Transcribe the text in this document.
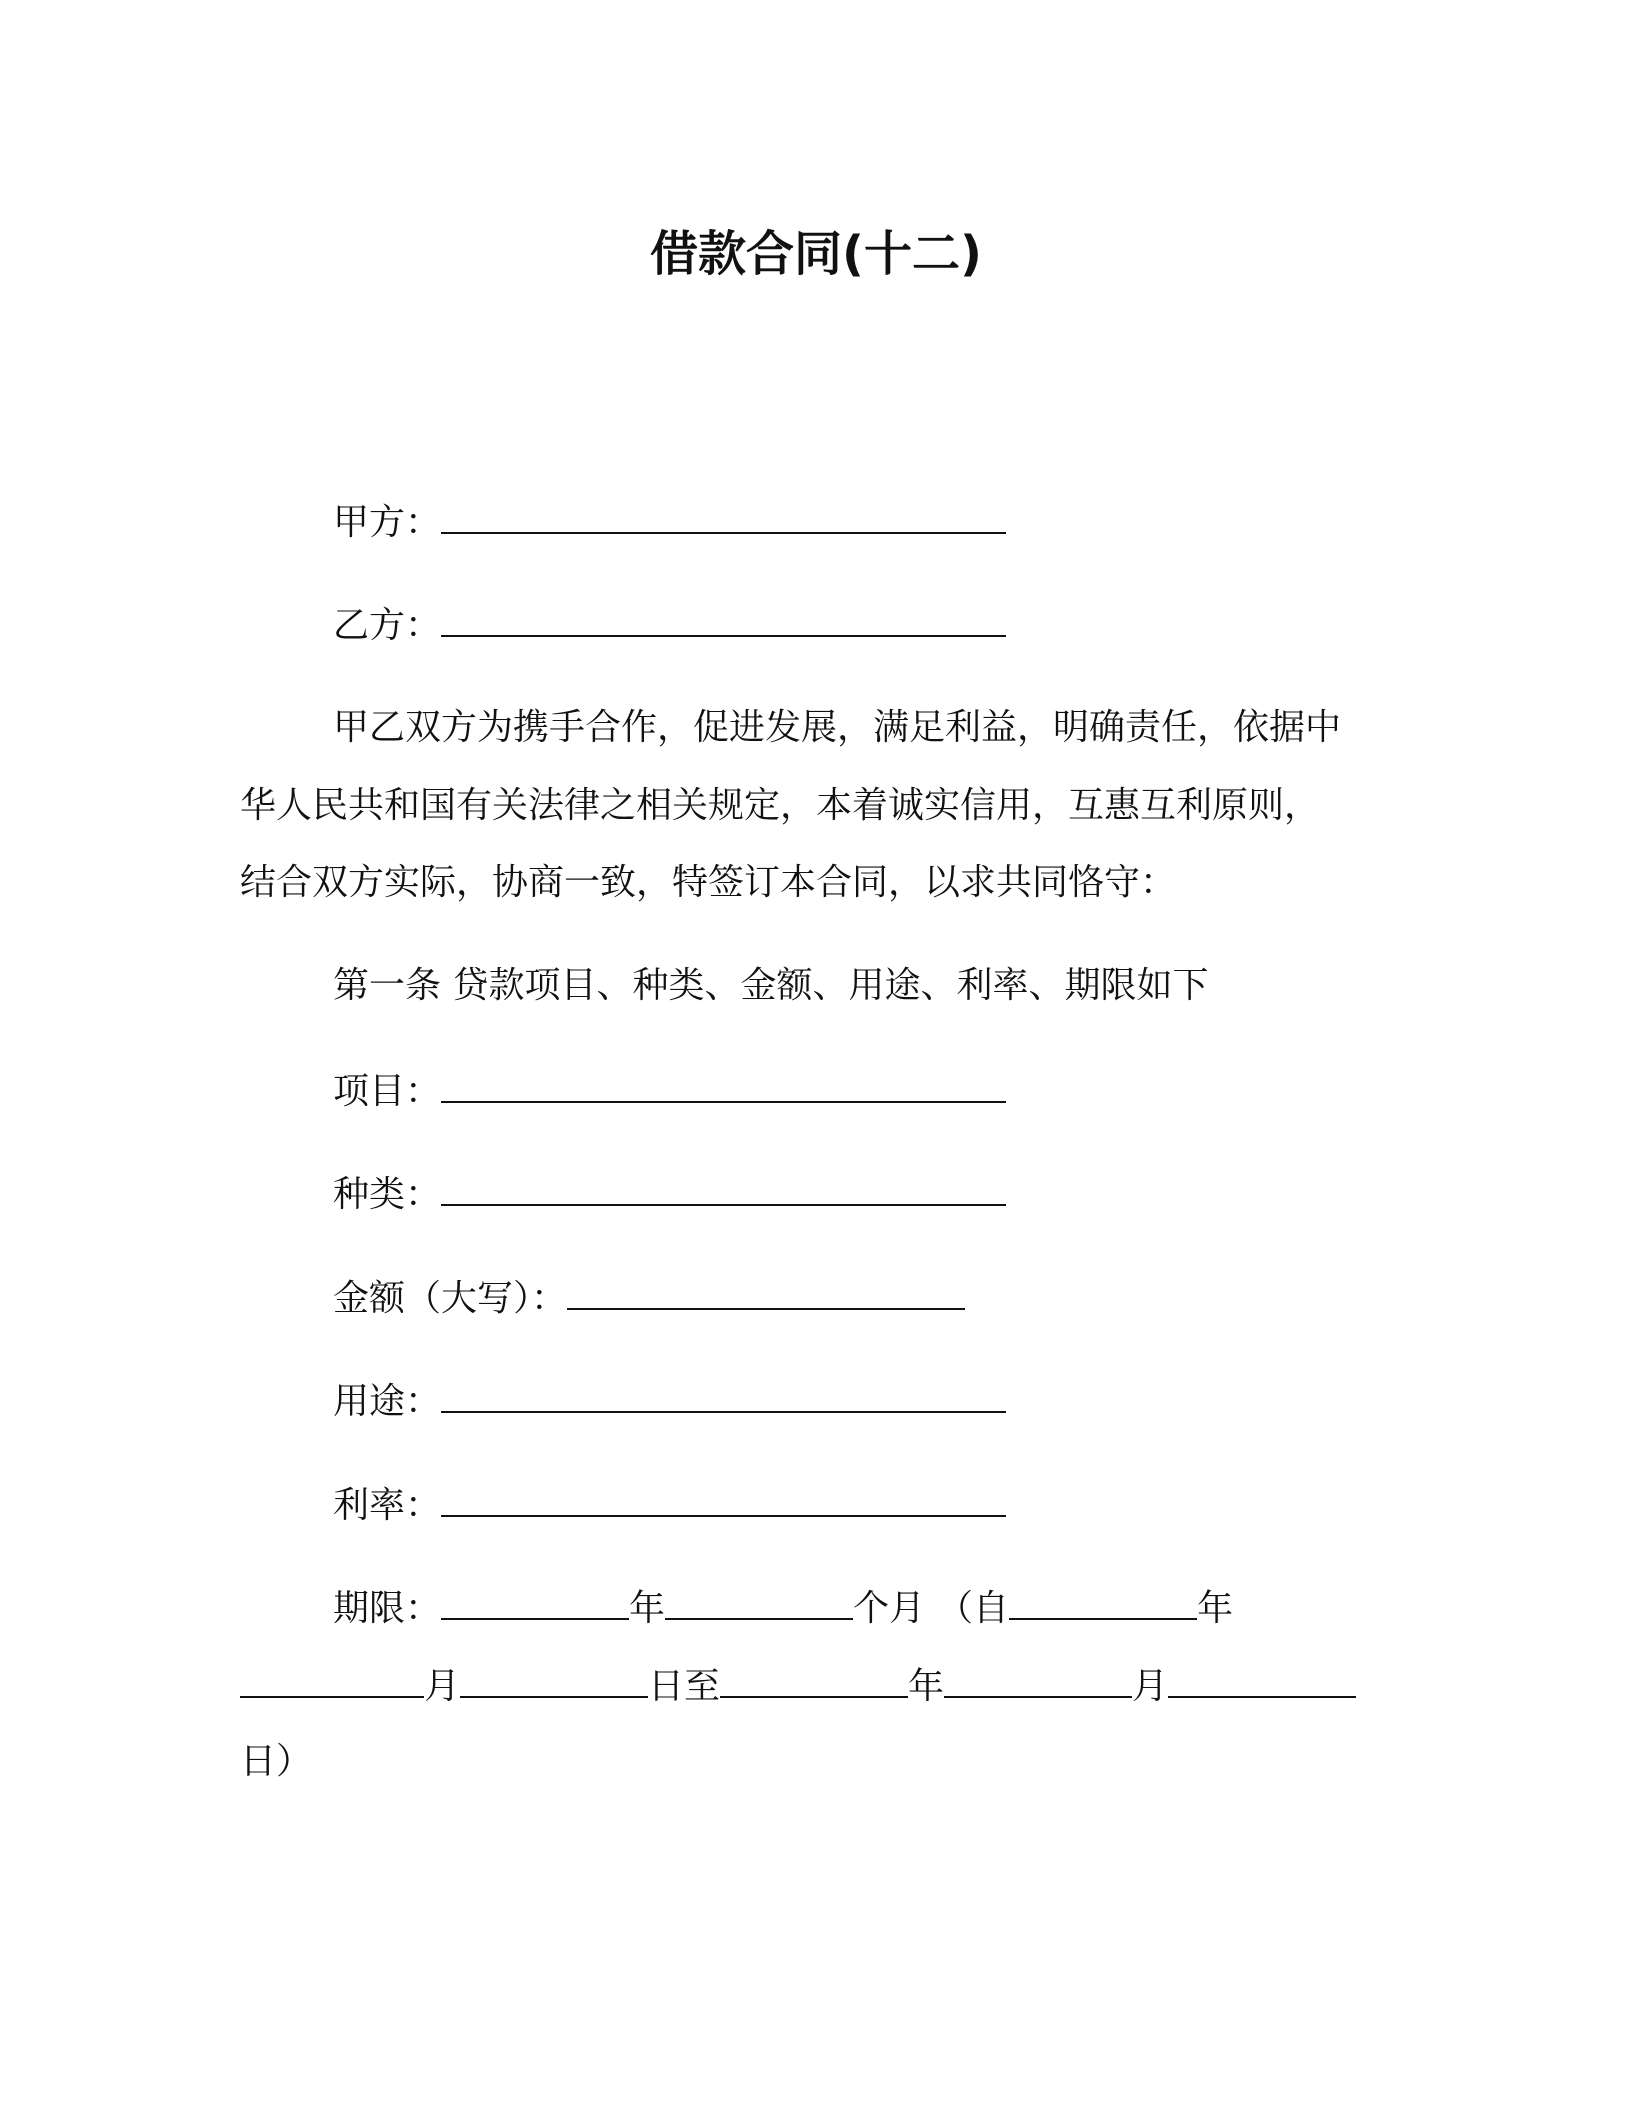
借款合同(十二)
甲方：
乙方：
甲乙双方为携手合作，促进发展，满足利益，明确责任，依据中
华人民共和国有关法律之相关规定，本着诚实信用，互惠互利原则，
结合双方实际，协商一致，特签订本合同，以求共同恪守：
第一条 贷款项目、种类、金额、用途、利率、期限如下
项目：
种类：
金额（大写）：
用途：
利率：
期限：	年	个月 （自	年
月	日至	年	月
日）
